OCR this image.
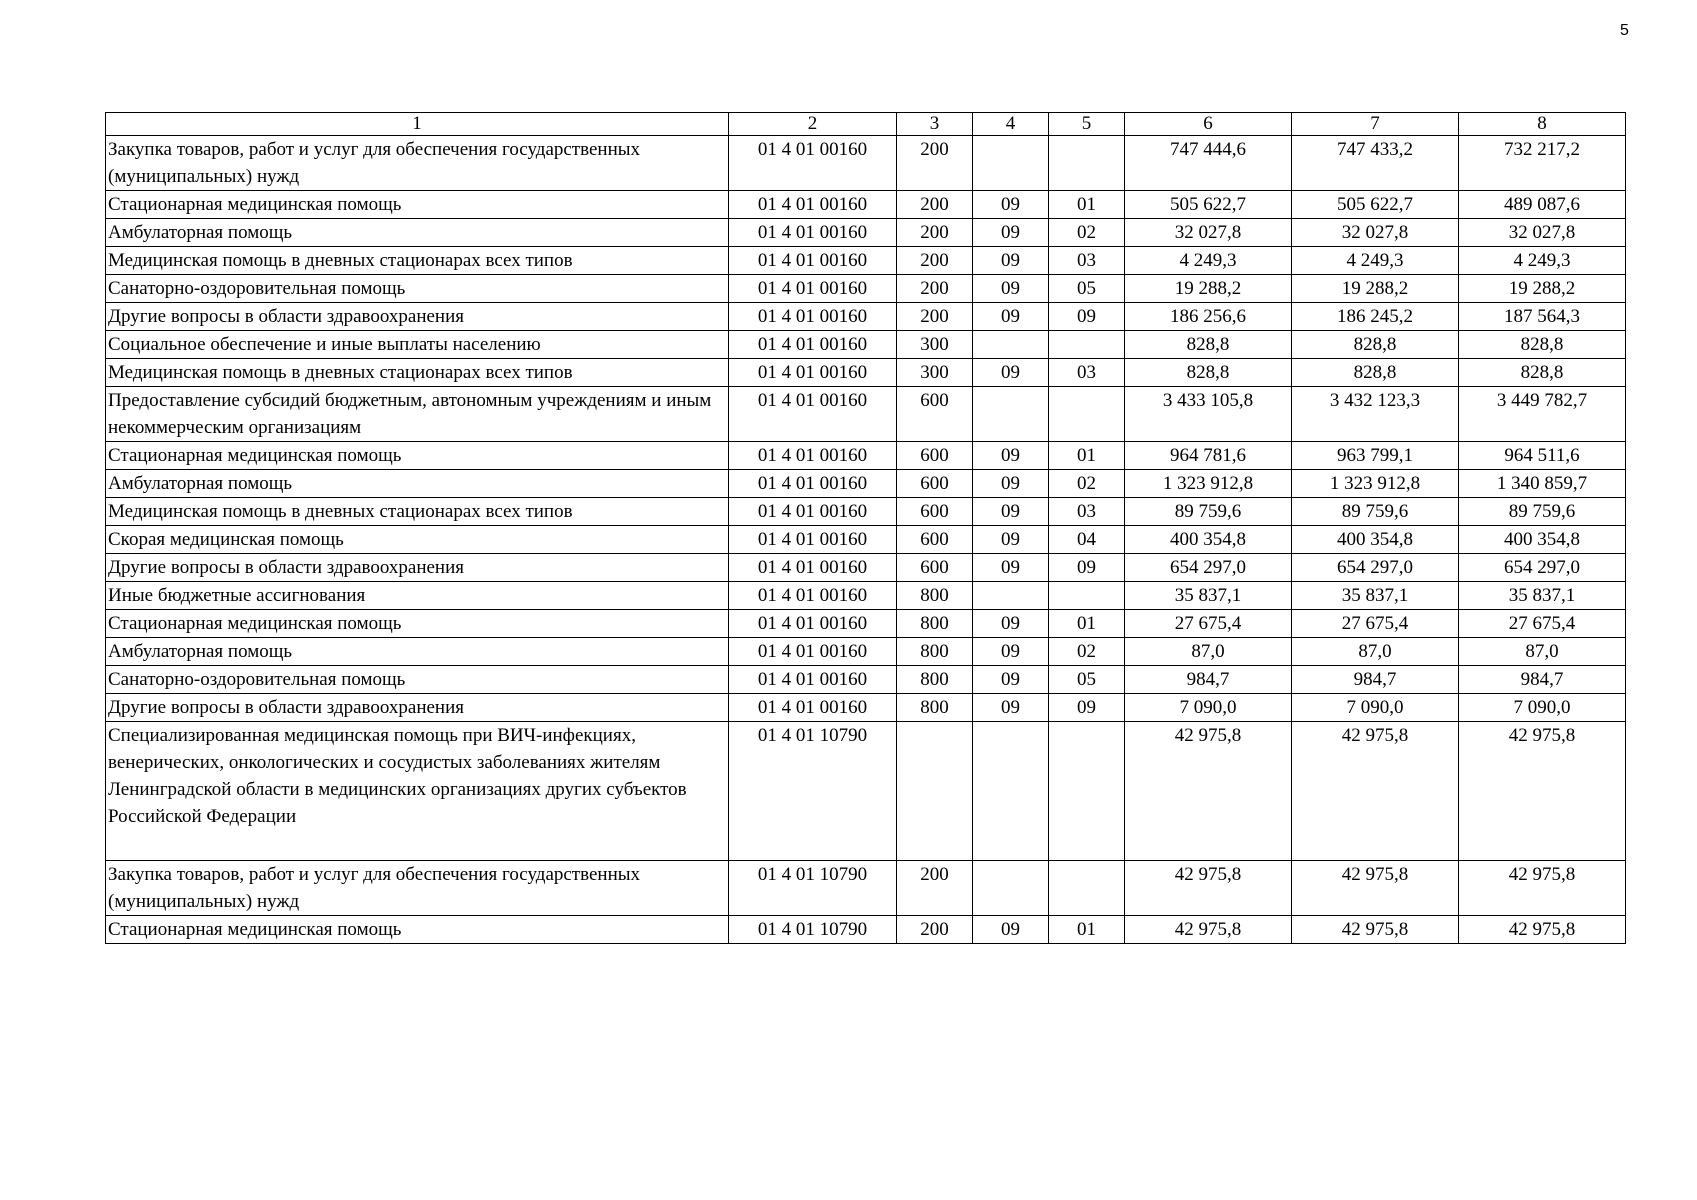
5
1	2	3	4	5	6	7	8
Закупка товаров, работ и услуг для обеспечения государственных (муниципальных) нужд	01 4 01 00160	200			747 444,6	747 433,2	732 217,2
Стационарная медицинская помощь	01 4 01 00160	200	09	01	505 622,7	505 622,7	489 087,6
Амбулаторная помощь	01 4 01 00160	200	09	02	32 027,8	32 027,8	32 027,8
Медицинская помощь в дневных стационарах всех типов	01 4 01 00160	200	09	03	4 249,3	4 249,3	4 249,3
Санаторно-оздоровительная помощь	01 4 01 00160	200	09	05	19 288,2	19 288,2	19 288,2
Другие вопросы в области здравоохранения	01 4 01 00160	200	09	09	186 256,6	186 245,2	187 564,3
Социальное обеспечение и иные выплаты населению	01 4 01 00160	300			828,8	828,8	828,8
Медицинская помощь в дневных стационарах всех типов	01 4 01 00160	300	09	03	828,8	828,8	828,8
Предоставление субсидий бюджетным, автономным учреждениям и иным некоммерческим организациям	01 4 01 00160	600			3 433 105,8	3 432 123,3	3 449 782,7
Стационарная медицинская помощь	01 4 01 00160	600	09	01	964 781,6	963 799,1	964 511,6
Амбулаторная помощь	01 4 01 00160	600	09	02	1 323 912,8	1 323 912,8	1 340 859,7
Медицинская помощь в дневных стационарах всех типов	01 4 01 00160	600	09	03	89 759,6	89 759,6	89 759,6
Скорая медицинская помощь	01 4 01 00160	600	09	04	400 354,8	400 354,8	400 354,8
Другие вопросы в области здравоохранения	01 4 01 00160	600	09	09	654 297,0	654 297,0	654 297,0
Иные бюджетные ассигнования	01 4 01 00160	800			35 837,1	35 837,1	35 837,1
Стационарная медицинская помощь	01 4 01 00160	800	09	01	27 675,4	27 675,4	27 675,4
Амбулаторная помощь	01 4 01 00160	800	09	02	87,0	87,0	87,0
Санаторно-оздоровительная помощь	01 4 01 00160	800	09	05	984,7	984,7	984,7
Другие вопросы в области здравоохранения	01 4 01 00160	800	09	09	7 090,0	7 090,0	7 090,0
Специализированная медицинская помощь при ВИЧ-инфекциях, венерических, онкологических и сосудистых заболеваниях жителям Ленинградской области в медицинских организациях других субъектов Российской Федерации	01 4 01 10790				42 975,8	42 975,8	42 975,8
Закупка товаров, работ и услуг для обеспечения государственных (муниципальных) нужд	01 4 01 10790	200			42 975,8	42 975,8	42 975,8
Стационарная медицинская помощь	01 4 01 10790	200	09	01	42 975,8	42 975,8	42 975,8
